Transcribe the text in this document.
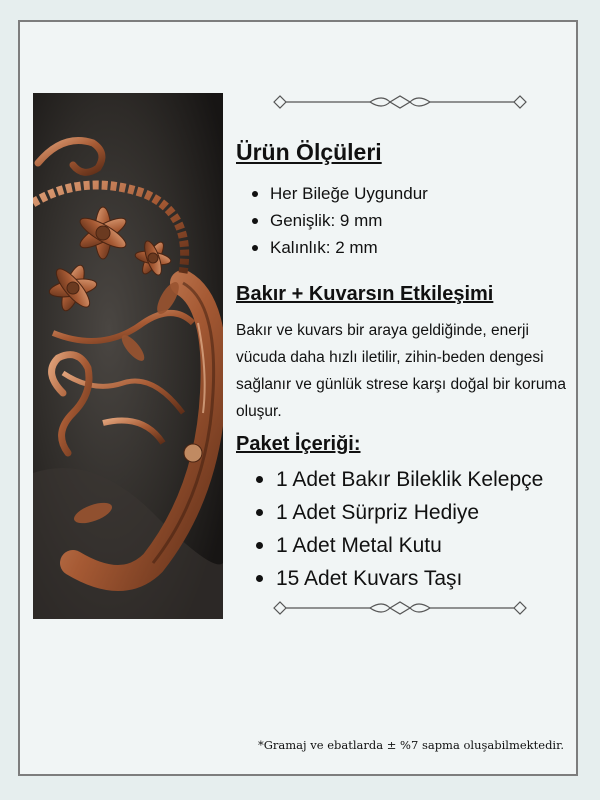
Ürün Ölçüleri
Her Bileğe Uygundur
Genişlik: 9 mm
Kalınlık: 2 mm
Bakır + Kuvarsın Etkileşimi

Bakır ve kuvars bir araya geldiğinde, enerji vücuda daha hızlı iletilir, zihin-beden dengesi sağlanır ve günlük strese karşı doğal bir koruma oluşur.

Paket İçeriği:
1 Adet Bakır Bileklik Kelepçe
1 Adet Sürpriz Hediye
1 Adet Metal Kutu
15 Adet Kuvars Taşı

*Gramaj ve ebatlarda ± %7 sapma oluşabilmektedir.
